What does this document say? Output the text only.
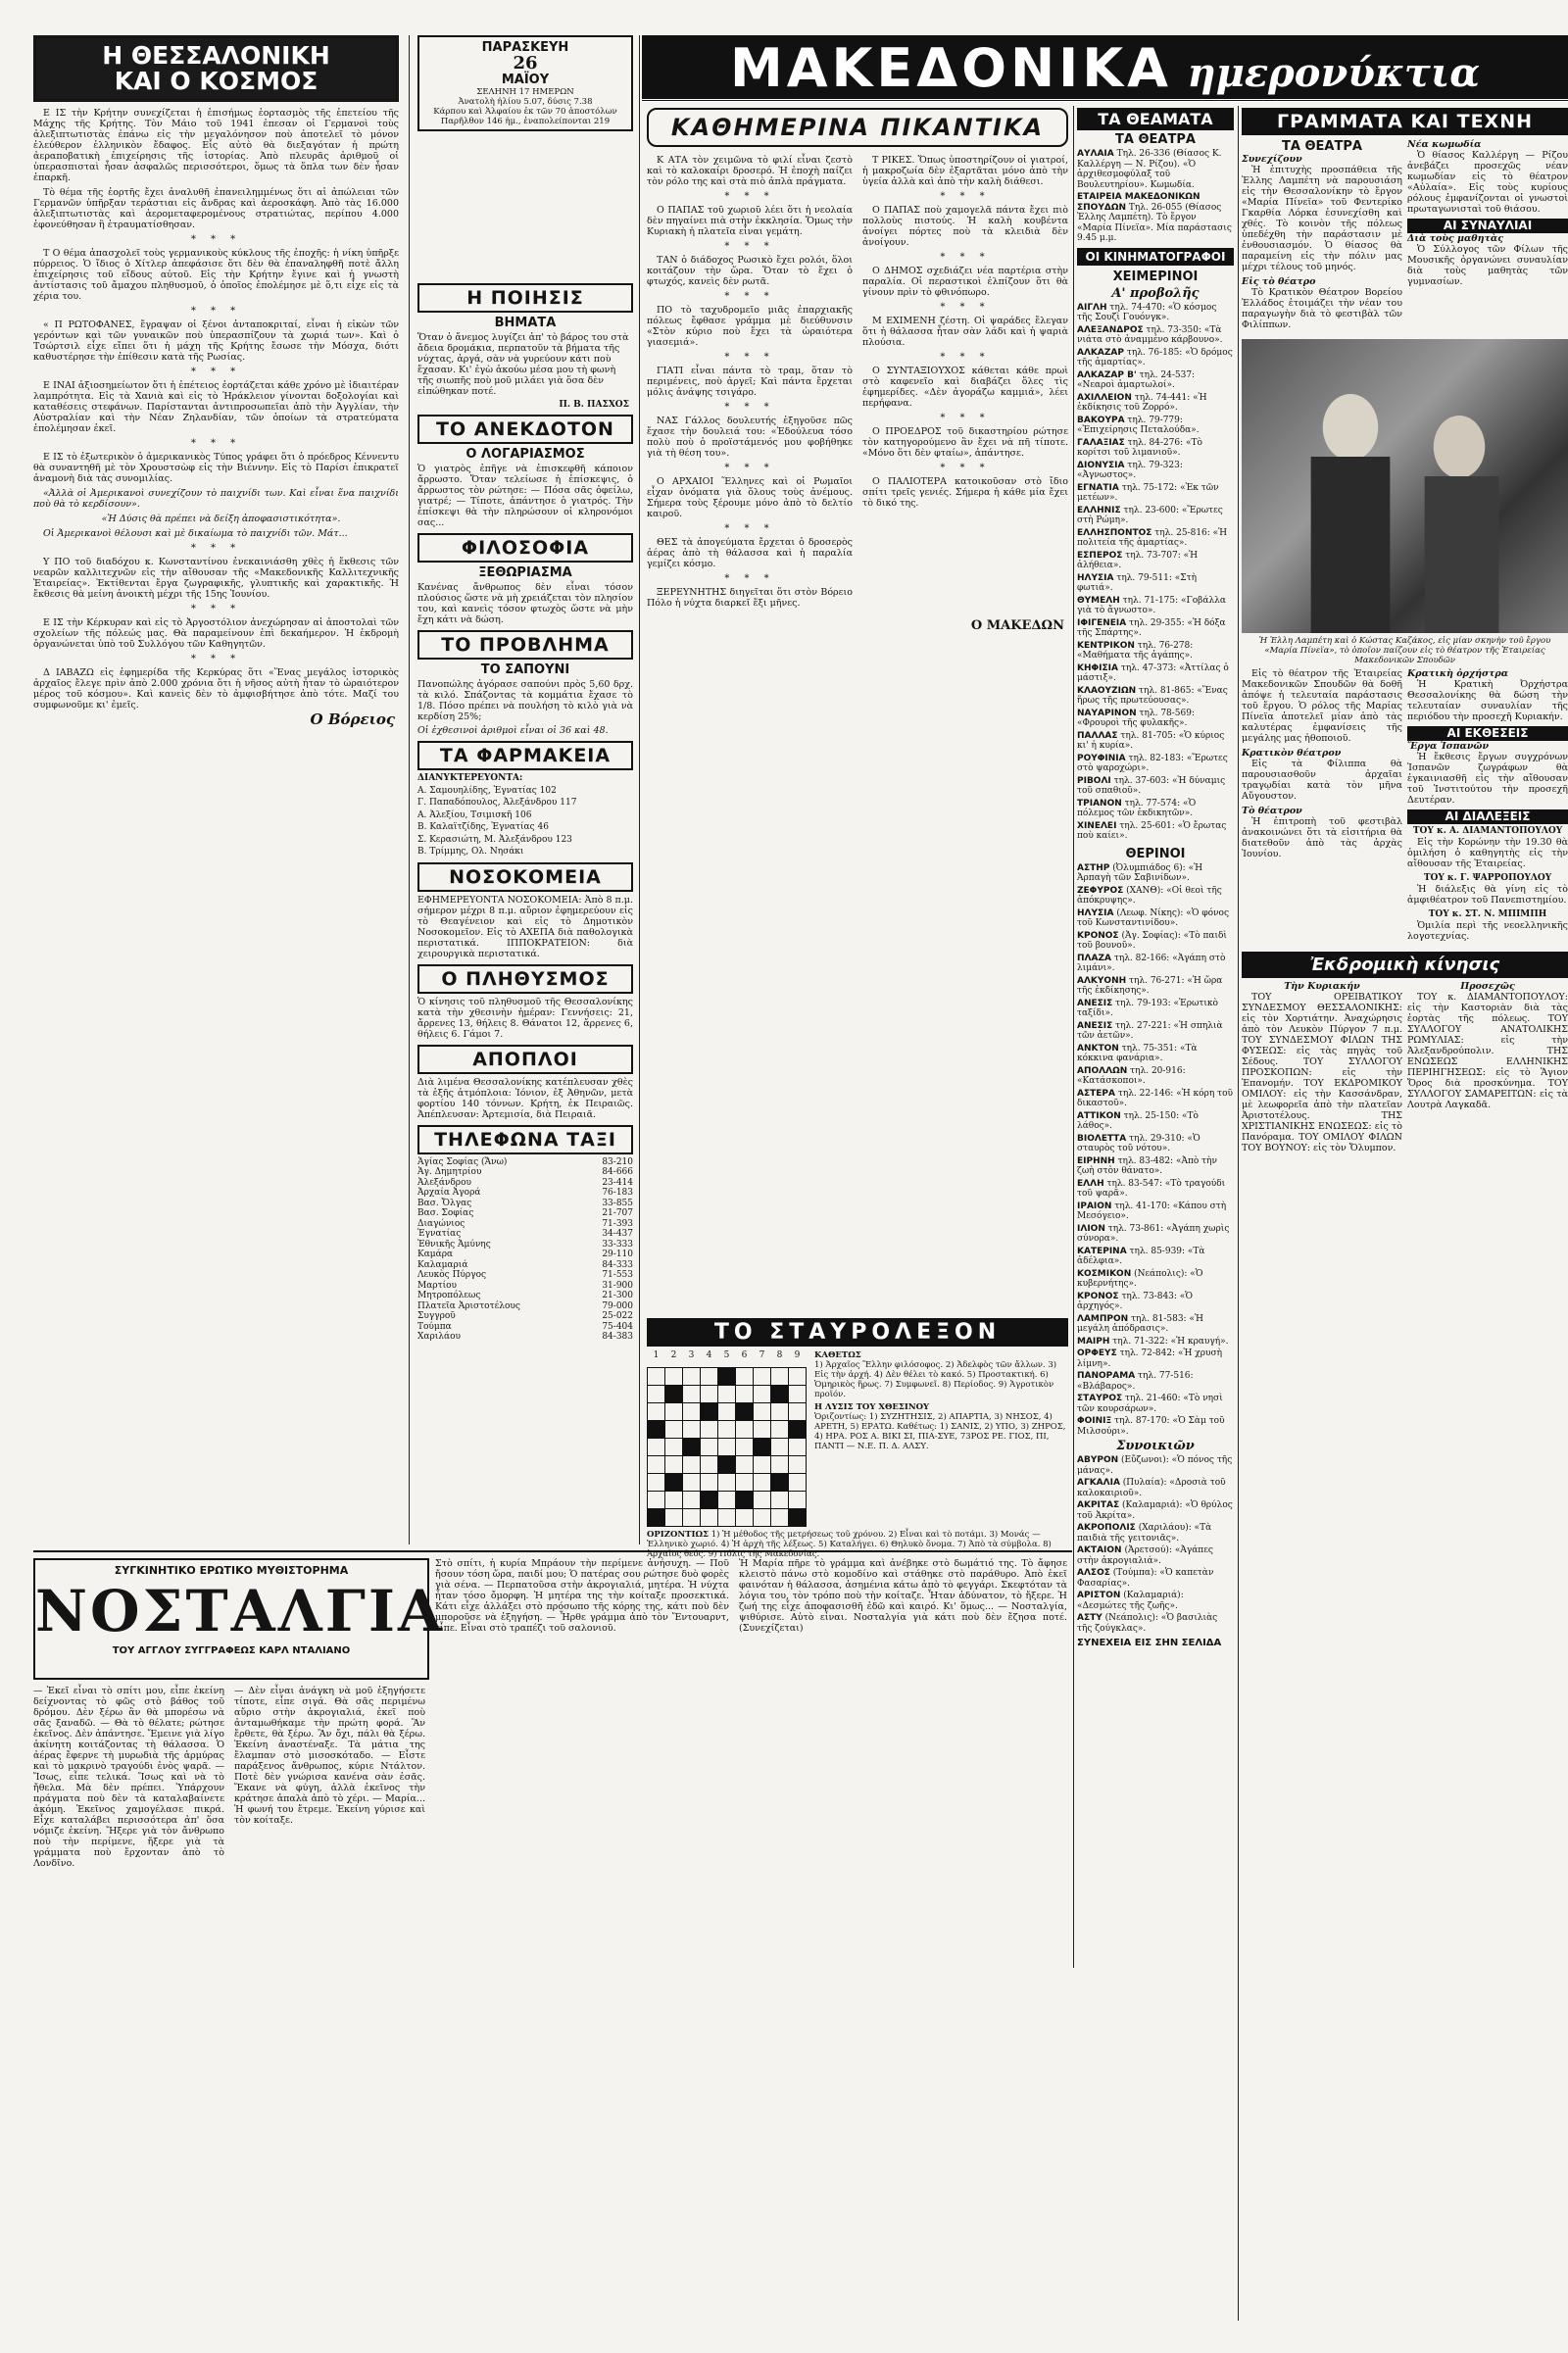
Η ΘΕΣΣΑΛΟΝΙΚΗ
ΚΑΙ Ο ΚΟΣΜΟΣ

Ε ΙΣ τὴν Κρήτην συνεχίζεται ἡ ἐπισήμως ἑορτασμὸς τῆς ἐπετείου τῆς Μάχης τῆς Κρήτης. Τὸν Μάιο τοῦ 1941 ἐπεσαν οἱ Γερμανοὶ τοὺς ἀλεξιπτωτιστὰς ἐπάνω εἰς τὴν μεγαλόνησον ποὺ ἀποτελεῖ τὸ μόνον ἐλεύθερον ἑλληνικὸν ἔδαφος. Εἶς αὐτὸ θὰ διεξαγόταν ἡ πρώτη ἀεραποβατικὴ ἐπιχείρησις τῆς ἱστορίας. Ἀπὸ πλευρᾶς ἀριθμοῦ οἱ ὑπερασπισταὶ ἦσαν ἀσφαλῶς περισσότεροι, ὅμως τὰ ὅπλα των δὲν ἦσαν ἐπαρκῆ.

Τὸ θέμα τῆς ἑορτῆς ἔχει ἀναλυθῆ ἐπανειλημμένως ὅτι αἱ ἀπώλειαι τῶν Γερμανῶν ὑπῆρξαν τεράστιαι εἰς ἄνδρας καὶ ἀεροσκάφη. Ἀπὸ τὰς 16.000 ἀλεξιπτωτιστὰς καὶ ἀερομεταφερομένους στρατιώτας, περίπου 4.000 ἐφονεύθησαν ἢ ἐτραυματίσθησαν.

* * *

Τ Ο θέμα ἀπασχολεῖ τοὺς γερμανικοὺς κύκλους τῆς ἐποχῆς: ἡ νίκη ὑπῆρξε πύρρειος. Ὁ ἴδιος ὁ Χίτλερ ἀπεφάσισε ὅτι δὲν θὰ ἐπαναληφθῆ ποτὲ ἄλλη ἐπιχείρησις τοῦ εἴδους αὐτοῦ. Εἰς τὴν Κρήτην ἔγινε καὶ ἡ γνωστὴ ἀντίστασις τοῦ ἄμαχου πληθυσμοῦ, ὁ ὁποῖος ἐπολέμησε μὲ ὅ,τι εἶχε εἰς τὰ χέρια του.

* * *

« Π ΡΩΤΟΦΑΝΕΣ, ἔγραψαν οἱ ξένοι ἀνταποκριταί, εἶναι ἡ εἰκὼν τῶν γερόντων καὶ τῶν γυναικῶν ποὺ ὑπερασπίζουν τὰ χωριά των». Καὶ ὁ Τσώρτσιλ εἶχε εἴπει ὅτι ἡ μάχη τῆς Κρήτης ἔσωσε τὴν Μόσχα, διότι καθυστέρησε τὴν ἐπίθεσιν κατὰ τῆς Ρωσίας.

* * *

Ε ΙΝΑΙ ἀξιοσημείωτον ὅτι ἡ ἐπέτειος ἑορτάζεται κάθε χρόνο μὲ ἰδιαιτέραν λαμπρότητα. Εἰς τὰ Χανιὰ καὶ εἰς τὸ Ἡράκλειον γίνονται δοξολογίαι καὶ καταθέσεις στεφάνων. Παρίστανται ἀντιπροσωπεῖαι ἀπὸ τὴν Ἀγγλίαν, τὴν Αὐστραλίαν καὶ τὴν Νέαν Ζηλανδίαν, τῶν ὁποίων τὰ στρατεύματα ἐπολέμησαν ἐκεῖ.

* * *

Ε ΙΣ τὸ ἐξωτερικὸν ὁ ἀμερικανικὸς Τύπος γράφει ὅτι ὁ πρόεδρος Κέννεντυ θὰ συναντηθῆ μὲ τὸν Χρουστσὼφ εἰς τὴν Βιέννην. Εἰς τὸ Παρίσι ἐπικρατεῖ ἀναμονὴ διὰ τὰς συνομιλίας.

«Ἀλλὰ οἱ Ἀμερικανοὶ συνεχίζουν τὸ παιχνίδι των. Καὶ εἶναι ἕνα παιχνίδι ποὺ θὰ τὸ κερδίσουν».

«Ἡ Δύσις θὰ πρέπει νὰ δείξη ἀποφασιστικότητα».

Οἱ Ἀμερικανοὶ θέλουσι καὶ μὲ δικαίωμα τὸ παιχνίδι τῶν. Μάτ...

* * *

Υ ΠΟ τοῦ διαδόχου κ. Κωνσταντίνου ἐνεκαινιάσθη χθὲς ἡ ἔκθεσις τῶν νεαρῶν καλλιτεχνῶν εἰς τὴν αἴθουσαν τῆς «Μακεδονικῆς Καλλιτεχνικῆς Ἑταιρείας». Ἐκτίθενται ἔργα ζωγραφικῆς, γλυπτικῆς καὶ χαρακτικῆς. Ἡ ἔκθεσις θὰ μείνη ἀνοικτὴ μέχρι τῆς 15ης Ἰουνίου.

* * *

Ε ΙΣ τὴν Κέρκυραν καὶ εἰς τὸ Ἀργοστόλιον ἀνεχώρησαν αἱ ἀποστολαὶ τῶν σχολείων τῆς πόλεώς μας. Θὰ παραμείνουν ἐπὶ δεκαήμερον. Ἡ ἐκδρομὴ ὀργανώνεται ὑπὸ τοῦ Συλλόγου τῶν Καθηγητῶν.

* * *

Δ ΙΑΒΑΖΩ εἰς ἐφημερίδα τῆς Κερκύρας ὅτι «Ἕνας μεγάλος ἰστορικὸς ἀρχαῖος ἔλεγε πρὶν ἀπὸ 2.000 χρόνια ὅτι ἡ νῆσος αὐτὴ ἦταν τὸ ὡραιότερον μέρος τοῦ κόσμου». Καὶ κανεὶς δὲν τὸ ἀμφισβήτησε ἀπὸ τότε. Μαζί του συμφωνοῦμε κι' ἐμεῖς.

Ο Βόρειος
ΠΑΡΑΣΚΕΥΗ
26
ΜΑΪΟΥ
ΣΕΛΗΝΗ 17 ΗΜΕΡΩΝ
Ἀνατολὴ ἡλίου 5.07, δύσις 7.38
Κάρπου καὶ Ἀλφαίου ἐκ τῶν 70 ἀποστόλων
Παρῆλθον 146 ἡμ., ἐναπολείπονται 219
Η ΠΟΙΗΣΙΣ
ΒΗΜΑΤΑ
Ὅταν ὁ ἄνεμος λυγίζει ἀπ' τὸ βάρος του στὰ ἄδεια δρομάκια, περπατοῦν τὰ βήματα τῆς νύχτας, ἀργά, σὰν νὰ γυρεύουν κάτι ποὺ ἔχασαν. Κι' ἐγὼ ἀκούω μέσα μου τὴ φωνὴ τῆς σιωπῆς ποὺ μοῦ μιλάει γιὰ ὅσα δὲν εἰπώθηκαν ποτέ.
Π. Β. ΠΑΣΧΟΣ
ΤΟ ΑΝΕΚΔΟΤΟΝ
Ο ΛΟΓΑΡΙΑΣΜΟΣ
Ὁ γιατρὸς ἐπῆγε νὰ ἐπισκεφθῆ κάποιον ἄρρωστο. Ὅταν τελείωσε ἡ ἐπίσκεψις, ὁ ἄρρωστος τὸν ρώτησε: — Πόσα σᾶς ὀφείλω, γιατρέ; — Τίποτε, ἀπάντησε ὁ γιατρός. Τὴν ἐπίσκεψι θὰ τὴν πληρώσουν οἱ κληρονόμοι σας...
ΦΙΛΟΣΟΦΙΑ
ΞΕΘΩΡΙΑΣΜΑ
Κανένας ἄνθρωπος δὲν εἶναι τόσον πλούσιος ὥστε νὰ μὴ χρειάζεται τὸν πλησίον του, καὶ κανεὶς τόσον φτωχὸς ὥστε νὰ μὴν ἔχη κάτι νὰ δώση.
ΤΟ ΠΡΟΒΛΗΜΑ
ΤΟ ΣΑΠΟΥΝΙ
Πανοπώλης ἀγόρασε σαπούνι πρὸς 5,60 δρχ. τὰ κιλό. Σπάζοντας τὰ κομμάτια ἔχασε τὸ 1/8. Πόσο πρέπει νὰ πουλήση τὸ κιλὸ γιὰ νὰ κερδίση 25%;
Οἱ ἐχθεσινοὶ ἀριθμοὶ εἶναι οἱ 36 καὶ 48.
ΤΑ ΦΑΡΜΑΚΕΙΑ
ΔΙΑΝΥΚΤΕΡΕΥΟΝΤΑ:
Α. Σαμουηλίδης, Ἐγνατίας 102
Γ. Παπαδόπουλος, Ἀλεξάνδρου 117
Α. Ἀλεξίου, Τσιμισκῆ 106
Β. Καλαϊτζίδης, Ἐγνατίας 46
Σ. Κερασιώτη, Μ. Ἀλεξάνδρου 123
Β. Τρίμμης, Ολ. Νησάκι
ΝΟΣΟΚΟΜΕΙΑ
ΕΦΗΜΕΡΕΥΟΝΤΑ ΝΟΣΟΚΟΜΕΙΑ: Ἀπὸ 8 π.μ. σήμερον μέχρι 8 π.μ. αὔριον ἐφημερεύουν εἰς τὸ Θεαγένειον καὶ εἰς τὸ Δημοτικὸν Νοσοκομεῖον. Εἰς τὸ ΑΧΕΠΑ διὰ παθολογικὰ περιστατικά. ΙΠΠΟΚΡΑΤΕΙΟΝ: διὰ χειρουργικὰ περιστατικά.
Ο ΠΛΗΘΥΣΜΟΣ
Ὁ κίνησις τοῦ πληθυσμοῦ τῆς Θεσσαλονίκης κατὰ τὴν χθεσινὴν ἡμέραν: Γεννήσεις: 21, ἄρρενες 13, θήλεις 8. Θάνατοι 12, ἄρρενες 6, θήλεις 6. Γάμοι 7.
ΑΠΟΠΛΟΙ
Διὰ λιμένα Θεσσαλονίκης κατέπλευσαν χθὲς τὰ ἑξῆς ἀτμόπλοια: Ἰόνιον, ἐξ Ἀθηνῶν, μετὰ φορτίου 140 τόννων. Κρήτη, ἐκ Πειραιῶς. Ἀπέπλευσαν: Ἀρτεμισία, διὰ Πειραιᾶ.
ΤΗΛΕΦΩΝΑ ΤΑΞΙ
Ἁγίας Σοφίας (Ἄνω)	83-210
Ἁγ. Δημητρίου	84-666
Ἀλεξάνδρου	23-414
Ἀρχαία Ἀγορά	76-183
Βασ. Ὄλγας	33-855
Βασ. Σοφίας	21-707
Διαγώνιος	71-393
Ἐγνατίας	34-437
Ἐθνικῆς Ἀμύνης	33-333
Καμάρα	29-110
Καλαμαριά	84-333
Λευκὸς Πύργος	71-553
Μαρτίου	31-900
Μητροπόλεως	21-300
Πλατεῖα Ἀριστοτέλους	79-000
Συγγροῦ	25-022
Τούμπα	75-404
Χαριλάου	84-383
ΜΑΚΕΔΟΝΙΚΑ ημερονύκτια
ΚΑΘΗΜΕΡΙΝΑ ΠΙΚΑΝΤΙΚΑ

Κ ΑΤΑ τὸν χειμῶνα τὸ φιλί εἶναι ζεστὸ καὶ τὸ καλοκαίρι δροσερό. Ἡ ἐποχὴ παίζει τὸν ρόλο της καὶ στὰ πιὸ ἀπλὰ πράγματα.

* * *

Ο ΠΑΠΑΣ τοῦ χωριοῦ λέει ὅτι ἡ νεολαία δὲν πηγαίνει πιὰ στὴν ἐκκλησία. Ὅμως τὴν Κυριακὴ ἡ πλατεῖα εἶναι γεμάτη.

* * *

ΤΑΝ ὁ διάδοχος Ρωσικὸ ἔχει ρολόι, ὅλοι κοιτάζουν τὴν ὥρα. Ὅταν τὸ ἔχει ὁ φτωχός, κανεὶς δὲν ρωτᾶ.

* * *

ΠΟ τὸ ταχυδρομεῖο μιᾶς ἐπαρχιακῆς πόλεως ἔφθασε γράμμα μὲ διεύθυνσιν «Στὸν κύριο ποὺ ἔχει τὰ ὡραιότερα γιασεμιά».

* * *

ΓΙΑΤΙ εἶναι πάντα τὸ τραμ, ὅταν τὸ περιμένεις, ποὺ ἀργεῖ; Καὶ πάντα ἔρχεται μόλις ἀνάψης τσιγάρο.

* * *

ΝΑΣ Γάλλος δουλευτής ἐξηγοῦσε πῶς ἔχασε τὴν δουλειά του: «Ἐδούλευα τόσο πολὺ ποὺ ὁ προϊστάμενός μου φοβήθηκε γιὰ τὴ θέση του».

* * *

Ο ΑΡΧΑΙΟΙ Ἕλληνες καὶ οἱ Ρωμαῖοι εἶχαν ὀνόματα γιὰ ὅλους τοὺς ἀνέμους. Σήμερα τοὺς ξέρουμε μόνο ἀπὸ τὸ δελτίο καιροῦ.

* * *

ΘΕΣ τὰ ἀπογεύματα ἔρχεται ὁ δροσερὸς ἀέρας ἀπὸ τὴ θάλασσα καὶ ἡ παραλία γεμίζει κόσμο.

* * *

ΞΕΡΕΥΝΗΤΗΣ διηγεῖται ὅτι στὸν Βόρειο Πόλο ἡ νύχτα διαρκεῖ ἕξι μῆνες.

Τ ΡΙΚΕΣ. Ὅπως ὑποστηρίζουν οἱ γιατροί, ἡ μακροζωία δὲν ἐξαρτᾶται μόνο ἀπὸ τὴν ὑγεία ἀλλὰ καὶ ἀπὸ τὴν καλὴ διάθεσι.

* * *

Ο ΠΑΠΑΣ ποὺ χαμογελᾶ πάντα ἔχει πιὸ πολλοὺς πιστούς. Ἡ καλὴ κουβέντα ἀνοίγει πόρτες ποὺ τὰ κλειδιὰ δὲν ἀνοίγουν.

* * *

Ο ΔΗΜΟΣ σχεδιάζει νέα παρτέρια στὴν παραλία. Οἱ περαστικοὶ ἐλπίζουν ὅτι θὰ γίνουν πρὶν τὸ φθινόπωρο.

* * *

Μ ΕΧΙΜΕΝΗ ζέστη. Οἱ ψαράδες ἔλεγαν ὅτι ἡ θάλασσα ἦταν σὰν λάδι καὶ ἡ ψαριὰ πλούσια.

* * *

Ο ΣΥΝΤΑΞΙΟΥΧΟΣ κάθεται κάθε πρωὶ στὸ καφενεῖο καὶ διαβάζει ὅλες τὶς ἐφημερίδες. «Δὲν ἀγοράζω καμμιά», λέει περήφανα.

* * *

Ο ΠΡΟΕΔΡΟΣ τοῦ δικαστηρίου ρώτησε τὸν κατηγορούμενο ἂν ἔχει νὰ πῆ τίποτε. «Μόνο ὅτι δὲν φταίω», ἀπάντησε.

* * *

Ο ΠΑΛΙΟΤΕΡΑ κατοικοῦσαν στὸ ἴδιο σπίτι τρεῖς γενιές. Σήμερα ἡ κάθε μία ἔχει τὸ δικό της.

Ο ΜΑΚΕΔΩΝ
ΤΟ ΣΤΑΥΡΟΛΕΞΟΝ
1	2	3	4	5	6	7	8	9

								ΚΑΘΕΤΩΣ
1) Ἀρχαῖος Ἕλλην φιλόσοφος. 2) Ἀδελφὸς τῶν ἄλλων. 3) Εἰς τὴν ἀρχή. 4) Δὲν θέλει τὸ κακό. 5) Προστακτική. 6) Ὁμηρικὸς ἥρως. 7) Συμφωνεῖ. 8) Περίοδος. 9) Ἀγροτικὸν προϊόν.
Η ΛΥΣΙΣ ΤΟΥ ΧΘΕΣΙΝΟΥ
Ὁριζοντίως: 1) ΣΥΖΗΤΗΣΙΣ, 2) ΑΠΑΡΤΙΑ, 3) ΝΗΣΟΣ, 4) ΑΡΕΤΗ, 5) ΕΡΑΤΩ. Καθέτως: 1) ΣΑΝΙΣ, 2) ΥΠΟ, 3) ΖΗΡΟΣ, 4) ΗΡΑ. ΡΟΣ Α. ΒΙΚΙ ΣΙ, ΠΙΑ-ΣΥΕ, 73ΡΟΣ ΡΕ. ΓΙΟΣ, ΠΙ, ΠΑΝΤΙ — Ν.Ε. Π. Δ. ΑΛΣΥ.
ΟΡΙΖΟΝΤΙΩΣ 1) Ἡ μέθοδος τῆς μετρήσεως τοῦ χρόνου. 2) Εἶναι καὶ τὸ ποτάμι. 3) Μονάς — Ἑλληνικὸ χωριό. 4) Ἡ ἀρχὴ τῆς λέξεως. 5) Καταλήγει. 6) Θηλυκὸ ὄνομα. 7) Ἀπὸ τὰ σύμβολα. 8) Ἀρχαῖος θεός. 9) Πόλις τῆς Μακεδονίας.
ΤΑ ΘΕΑΜΑΤΑ
ΤΑ ΘΕΑΤΡΑ
ΑΥΛΑΙΑ Τηλ. 26-336 (Θίασος Κ. Καλλέργη — Ν. Ρίζου). «Ὁ ἀρχιθεσμοφύλαξ τοῦ Βουλευτηρίου». Κωμωδία.
ΕΤΑΙΡΕΙΑ ΜΑΚΕΔΟΝΙΚΩΝ ΣΠΟΥΔΩΝ Τηλ. 26-055 (Θίασος Ἐλλης Λαμπέτη). Τὸ ἔργον «Μαρία Πίνεϊα». Μία παράστασις 9.45 μ.μ.
ΟΙ ΚΙΝΗΜΑΤΟΓΡΑΦΟΙ
ΧΕΙΜΕΡΙΝΟΙ
Α' προβολῆς
ΑΙΓΛΗ τηλ. 74-470: «Ὁ κόσμος τῆς Σουζὶ Γουόνγκ».
ΑΛΕΞΑΝΔΡΟΣ τηλ. 73-350: «Τὰ νιάτα στὸ ἀναμμένο κάρβουνο».
ΑΛΚΑΖΑΡ τηλ. 76-185: «Ὁ δρόμος τῆς ἁμαρτίας».
ΑΛΚΑΖΑΡ Β' τηλ. 24-537: «Νεαροὶ ἀμαρτωλοί».
ΑΧΙΛΛΕΙΟΝ τηλ. 74-441: «Ἡ ἐκδίκησις τοῦ Ζορρό».
ΒΑΚΟΥΡΑ τηλ. 79-779: «Ἐπιχείρησις Πεταλούδα».
ΓΑΛΑΞΙΑΣ τηλ. 84-276: «Τὸ κορίτσι τοῦ λιμανιοῦ».
ΔΙΟΝΥΣΙΑ τηλ. 79-323: «Ἀγνωστος».
ΕΓΝΑΤΙΑ τηλ. 75-172: «Ἐκ τῶν μετέων».
ΕΛΛΗΝΙΣ τηλ. 23-600: «Ἔρωτες στὴ Ρώμη».
ΕΛΛΗΣΠΟΝΤΟΣ τηλ. 25-816: «Ἡ πολιτεία τῆς ἁμαρτίας».
ΕΣΠΕΡΟΣ τηλ. 73-707: «Ἡ ἀλήθεια».
ΗΛΥΣΙΑ τηλ. 79-511: «Στὴ φωτιά».
ΘΥΜΕΛΗ τηλ. 71-175: «Γοβάλλα γιὰ τὸ ἄγνωστο».
ΙΦΙΓΕΝΕΙΑ τηλ. 29-355: «Ἡ δόξα τῆς Σπάρτης».
ΚΕΝΤΡΙΚΟΝ τηλ. 76-278: «Μαθήματα τῆς ἀγάπης».
ΚΗΦΙΣΙΑ τηλ. 47-373: «Ἀττίλας ὁ μάστιξ».
ΚΛΑΟΥΖΙΩΝ τηλ. 81-865: «Ἕνας ἥρως τῆς πρωτεύουσας».
ΝΑΥΑΡΙΝΟΝ τηλ. 78-569: «Φρουροὶ τῆς φυλακῆς».
ΠΑΛΛΑΣ τηλ. 81-705: «Ὁ κύριος κι' ἡ κυρία».
ΡΟΥΦΙΝΙΑ τηλ. 82-183: «Ἔρωτες στὸ ψαροχώρι».
ΡΙΒΟΛΙ τηλ. 37-603: «Ἡ δύναμις τοῦ σπαθιοῦ».
ΤΡΙΑΝΟΝ τηλ. 77-574: «Ὁ πόλεμος τῶν ἐκδικητῶν».
ΧΙΝΕΛΕΙ τηλ. 25-601: «Ὁ ἔρωτας ποὺ καίει».
ΘΕΡΙΝΟΙ
ΑΣΤΗΡ (Ὀλυμπιάδος 6): «Ἡ Ἀρπαγὴ τῶν Σαβινίδων».
ΖΕΦΥΡΟΣ (ΧΑΝΘ): «Οἱ θεοὶ τῆς ἀπόκρυψης».
ΗΛΥΣΙΑ (Λεωφ. Νίκης): «Ὁ φόνος τοῦ Κωνσταντινίδου».
ΚΡΟΝΟΣ (Ἀγ. Σοφίας): «Τὸ παιδὶ τοῦ βουνοῦ».
ΠΛΑΖΑ τηλ. 82-166: «Ἀγάπη στὸ λιμάνι».
ΑΛΚΥΟΝΗ τηλ. 76-271: «Ἡ ὥρα τῆς ἐκδίκησης».
ΑΝΕΣΙΣ τηλ. 79-193: «Ἐρωτικὸ ταξίδι».
ΑΝΕΣΙΣ τηλ. 27-221: «Ἡ σπηλιὰ τῶν ἀετῶν».
ΑΝΚΤΟΝ τηλ. 75-351: «Τὰ κόκκινα φανάρια».
ΑΠΟΛΛΩΝ τηλ. 20-916: «Κατάσκοποι».
ΑΣΤΕΡΑ τηλ. 22-146: «Ἡ κόρη τοῦ δικαστοῦ».
ΑΤΤΙΚΟΝ τηλ. 25-150: «Τὸ λάθος».
ΒΙΟΛΕΤΤΑ τηλ. 29-310: «Ὁ σταυρὸς τοῦ νότου».
ΕΙΡΗΝΗ τηλ. 83-482: «Ἀπὸ τὴν ζωὴ στὸν θάνατο».
ΕΛΛΗ τηλ. 83-547: «Τὸ τραγούδι τοῦ ψαρᾶ».
ΙΡΑΙΟΝ τηλ. 41-170: «Κάπου στὴ Μεσόγειο».
ΙΛΙΟΝ τηλ. 73-861: «Ἀγάπη χωρὶς σύνορα».
ΚΑΤΕΡΙΝΑ τηλ. 85-939: «Τὰ ἀδέλφια».
ΚΟΣΜΙΚΟΝ (Νεάπολις): «Ὁ κυβερνήτης».
ΚΡΟΝΟΣ τηλ. 73-843: «Ὁ ἀρχηγός».
ΛΑΜΠΡΟΝ τηλ. 81-583: «Ἡ μεγάλη ἀπόδρασις».
ΜΑΙΡΗ τηλ. 71-322: «Ἡ κραυγή».
ΟΡΦΕΥΣ τηλ. 72-842: «Ἡ χρυσὴ λίμνη».
ΠΑΝΟΡΑΜΑ τηλ. 77-516: «Βλάβαρος».
ΣΤΑΥΡΟΣ τηλ. 21-460: «Τὸ νησὶ τῶν κουρσάρων».
ΦΟΙΝΙΞ τηλ. 87-170: «Ὁ Σὰμ τοῦ Μιλσούρι».
Συνοικιῶν
ΑΒΥΡΟΝ (Εὔζωνοι): «Ὁ πόνος τῆς μάνας».
ΑΓΚΑΛΙΑ (Πυλαία): «Δροσιὰ τοῦ καλοκαιριοῦ».
ΑΚΡΙΤΑΣ (Καλαμαριά): «Ὁ θρύλος τοῦ Ἀκρίτα».
ΑΚΡΟΠΟΛΙΣ (Χαριλάου): «Τὰ παιδιὰ τῆς γειτονιᾶς».
ΑΚΤΑΙΟΝ (Ἀρετσού): «Ἀγάπες στὴν ἀκρογιαλιά».
ΑΛΣΟΣ (Τούμπα): «Ὁ καπετὰν Φασαρίας».
ΑΡΙΣΤΟΝ (Καλαμαριά): «Δεσμώτες τῆς ζωῆς».
ΑΣΤΥ (Νεάπολις): «Ὁ βασιλιὰς τῆς ζούγκλας».
ΣΥΝΕΧΕΙΑ ΕΙΣ ΣΗΝ ΣΕΛΙΔΑ
ΓΡΑΜΜΑΤΑ ΚΑΙ ΤΕΧΝΗ
ΤΑ ΘΕΑΤΡΑ
Συνεχίζουν

Ἡ ἐπιτυχὴς προσπάθεια τῆς Ἐλλης Λαμπέτη νὰ παρουσιάση εἰς τὴν Θεσσαλονίκην τὸ ἔργον «Μαρία Πίνεϊα» τοῦ Φεντερίκο Γκαρθία Λόρκα ἐσυνεχίσθη καὶ χθές. Τὸ κοινὸν τῆς πόλεως ὑπεδέχθη τὴν παράστασιν μὲ ἐνθουσιασμόν. Ὁ θίασος θὰ παραμείνη εἰς τὴν πόλιν μας μέχρι τέλους τοῦ μηνός.

Εἰς τὸ θέατρο

Τὸ Κρατικὸν Θέατρον Βορείου Ἑλλάδος ἑτοιμάζει τὴν νέαν του παραγωγὴν διὰ τὸ φεστιβὰλ τῶν Φιλίππων.

Νέα κωμωδία

Ὁ θίασος Καλλέργη — Ρίζου ἀνεβάζει προσεχῶς νέαν κωμωδίαν εἰς τὸ θέατρον «Αὐλαία». Εἰς τοὺς κυρίους ρόλους ἐμφανίζονται οἱ γνωστοὶ πρωταγωνισταὶ τοῦ θιάσου.

ΑΙ ΣΥΝΑΥΛΙΑΙ
Διὰ τοὺς μαθητὰς

Ὁ Σύλλογος τῶν Φίλων τῆς Μουσικῆς ὀργανώνει συναυλίαν διὰ τοὺς μαθητὰς τῶν γυμνασίων.

Ἡ Ἐλλη Λαμπέτη καὶ ὁ Κώστας Καζάκος, εἰς μίαν σκηνὴν τοῦ ἔργου «Μαρία Πίνεϊα», τὸ ὁποῖον παίζουν εἰς τὸ θέατρον τῆς Ἑταιρείας Μακεδονικῶν Σπουδῶν

Εἰς τὸ θέατρον τῆς Ἑταιρείας Μακεδονικῶν Σπουδῶν θὰ δοθῆ ἀπόψε ἡ τελευταία παράστασις τοῦ ἔργου. Ὁ ρόλος τῆς Μαρίας Πίνεϊα ἀποτελεῖ μίαν ἀπὸ τὰς καλυτέρας ἐμφανίσεις τῆς μεγάλης μας ἠθοποιοῦ.

Κρατικὸν θέατρον

Εἰς τὰ Φίλιππα θὰ παρουσιασθοῦν ἀρχαῖαι τραγῳδίαι κατὰ τὸν μῆνα Αὔγουστον.

Τὸ θέατρον

Ἡ ἐπιτροπὴ τοῦ φεστιβὰλ ἀνακοινώνει ὅτι τὰ εἰσιτήρια θὰ διατεθοῦν ἀπὸ τὰς ἀρχὰς Ἰουνίου.

Κρατικὴ ὀρχήστρα

Ἡ Κρατικὴ Ὀρχήστρα Θεσσαλονίκης θὰ δώση τὴν τελευταίαν συναυλίαν τῆς περιόδου τὴν προσεχῆ Κυριακήν.

ΑΙ ΕΚΘΕΣΕΙΣ
Ἔργα Ἰσπανῶν

Ἡ ἔκθεσις ἔργων συγχρόνων Ἰσπανῶν ζωγράφων θὰ ἐγκαινιασθῆ εἰς τὴν αἴθουσαν τοῦ Ἰνστιτούτου τὴν προσεχῆ Δευτέραν.

ΑΙ ΔΙΑΛΕΞΕΙΣ
ΤΟΥ κ. Α. ΔΙΑΜΑΝΤΟΠΟΥΛΟΥ

Εἰς τὴν Κορώνην τὴν 19.30 θὰ ὁμιλήση ὁ καθηγητὴς εἰς τὴν αἴθουσαν τῆς Ἑταιρείας.

ΤΟΥ κ. Γ. ΨΑΡΡΟΠΟΥΛΟΥ

Ἡ διάλεξις θὰ γίνη εἰς τὸ ἀμφιθέατρον τοῦ Πανεπιστημίου.

ΤΟΥ κ. ΣΤ. Ν. ΜΠΙΜΠΗ

Ὁμιλία περὶ τῆς νεοελληνικῆς λογοτεχνίας.

Ἐκδρομικὴ κίνησις
Τὴν Κυριακήν

ΤΟΥ ΟΡΕΙΒΑΤΙΚΟΥ ΣΥΝΔΕΣΜΟΥ ΘΕΣΣΑΛΟΝΙΚΗΣ: εἰς τὸν Χορτιάτην. Ἀναχώρησις ἀπὸ τὸν Λευκὸν Πύργον 7 π.μ. ΤΟΥ ΣΥΝΔΕΣΜΟΥ ΦΙΛΩΝ ΤΗΣ ΦΥΣΕΩΣ: εἰς τὰς πηγὰς τοῦ Σέδους. ΤΟΥ ΣΥΛΛΟΓΟΥ ΠΡΟΣΚΟΠΩΝ: εἰς τὴν Ἐπανομήν. ΤΟΥ ΕΚΔΡΟΜΙΚΟΥ ΟΜΙΛΟΥ: εἰς τὴν Κασσάνδραν, μὲ λεωφορεῖα ἀπὸ τὴν πλατεῖαν Ἀριστοτέλους. ΤΗΣ ΧΡΙΣΤΙΑΝΙΚΗΣ ΕΝΩΣΕΩΣ: εἰς τὸ Πανόραμα. ΤΟΥ ΟΜΙΛΟΥ ΦΙΛΩΝ ΤΟΥ ΒΟΥΝΟΥ: εἰς τὸν Ὄλυμπον.

Προσεχῶς

ΤΟΥ κ. ΔΙΑΜΑΝΤΟΠΟΥΛΟΥ: εἰς τὴν Καστοριὰν διὰ τὰς ἑορτὰς τῆς πόλεως. ΤΟΥ ΣΥΛΛΟΓΟΥ ΑΝΑΤΟΛΙΚΗΣ ΡΩΜΥΛΙΑΣ: εἰς τὴν Ἀλεξανδρούπολιν. ΤΗΣ ΕΝΩΣΕΩΣ ΕΛΛΗΝΙΚΗΣ ΠΕΡΙΗΓΗΣΕΩΣ: εἰς τὸ Ἅγιον Ὄρος διὰ προσκύνημα. ΤΟΥ ΣΥΛΛΟΓΟΥ ΣΑΜΑΡΕΙΤΩΝ: εἰς τὰ Λουτρὰ Λαγκαδᾶ.

ΣΥΓΚΙΝΗΤΙΚΟ ΕΡΩΤΙΚΟ ΜΥΘΙΣΤΟΡΗΜΑ
ΝΟΣΤΑΛΓΙΑ
ΤΟΥ ΑΓΓΛΟΥ ΣΥΓΓΡΑΦΕΩΣ ΚΑΡΛ ΝΤΑΛΙΑΝΟ
— Ἐκεῖ εἶναι τὸ σπίτι μου, εἶπε ἐκείνη δείχνοντας τὸ φῶς στὸ βάθος τοῦ δρόμου. Δὲν ξέρω ἂν θὰ μπορέσω νὰ σᾶς ξαναδῶ. — Θὰ τὸ θέλατε; ρώτησε ἐκεῖνος. Δὲν ἀπάντησε. Ἔμεινε γιὰ λίγο ἀκίνητη κοιτάζοντας τὴ θάλασσα. Ὁ ἀέρας ἔφερνε τὴ μυρωδιὰ τῆς ἁρμύρας καὶ τὸ μακρινὸ τραγούδι ἑνὸς ψαρᾶ. — Ἴσως, εἶπε τελικά. Ἴσως καὶ νὰ τὸ ἤθελα. Μὰ δὲν πρέπει. Ὑπάρχουν πράγματα ποὺ δὲν τὰ καταλαβαίνετε ἀκόμη. Ἐκεῖνος χαμογέλασε πικρά. Εἶχε καταλάβει περισσότερα ἀπ' ὅσα νόμιζε ἐκείνη. Ἤξερε γιὰ τὸν ἄνθρωπο ποὺ τὴν περίμενε, ἤξερε γιὰ τὰ γράμματα ποὺ ἔρχονταν ἀπὸ τὸ Λονδῖνο.
— Δὲν εἶναι ἀνάγκη νὰ μοῦ ἐξηγήσετε τίποτε, εἶπε σιγά. Θὰ σᾶς περιμένω αὔριο στὴν ἀκρογιαλιά, ἐκεῖ ποὺ ἀνταμωθήκαμε τὴν πρώτη φορά. Ἂν ἔρθετε, θὰ ξέρω. Ἂν ὄχι, πάλι θὰ ξέρω. Ἐκείνη ἀναστέναξε. Τὰ μάτια της ἔλαμπαν στὸ μισοσκόταδο. — Εἶστε παράξενος ἄνθρωπος, κύριε Ντάλτον. Ποτὲ δὲν γνώρισα κανένα σὰν ἐσᾶς. Ἔκανε νὰ φύγη, ἀλλὰ ἐκεῖνος τὴν κράτησε ἀπαλὰ ἀπὸ τὸ χέρι. — Μαρία... Ἡ φωνή του ἔτρεμε. Ἐκείνη γύρισε καὶ τὸν κοίταξε.
Στὸ σπίτι, ἡ κυρία Μπράουν τὴν περίμενε ἀνήσυχη. — Ποῦ ἤσουν τόση ὥρα, παιδί μου; Ὁ πατέρας σου ρώτησε δυὸ φορὲς γιὰ σένα. — Περπατοῦσα στὴν ἀκρογιαλιά, μητέρα. Ἡ νύχτα ἦταν τόσο ὄμορφη. Ἡ μητέρα της τὴν κοίταξε προσεκτικά. Κάτι εἶχε ἀλλάξει στὸ πρόσωπο τῆς κόρης της, κάτι ποὺ δὲν μποροῦσε νὰ ἐξηγήση. — Ἦρθε γράμμα ἀπὸ τὸν Ἔντουαρντ, εἶπε. Εἶναι στὸ τραπέζι τοῦ σαλονιοῦ.
Ἡ Μαρία πῆρε τὸ γράμμα καὶ ἀνέβηκε στὸ δωμάτιό της. Τὸ ἄφησε κλειστὸ πάνω στὸ κομοδίνο καὶ στάθηκε στὸ παράθυρο. Ἀπὸ ἐκεῖ φαινόταν ἡ θάλασσα, ἀσημένια κάτω ἀπὸ τὸ φεγγάρι. Σκεφτόταν τὰ λόγια του, τὸν τρόπο ποὺ τὴν κοίταζε. Ἦταν ἀδύνατον, τὸ ἤξερε. Ἡ ζωή της εἶχε ἀποφασισθῆ ἐδῶ καὶ καιρό. Κι' ὅμως... — Νοσταλγία, ψιθύρισε. Αὐτὸ εἶναι. Νοσταλγία γιὰ κάτι ποὺ δὲν ἔζησα ποτέ. (Συνεχίζεται)
